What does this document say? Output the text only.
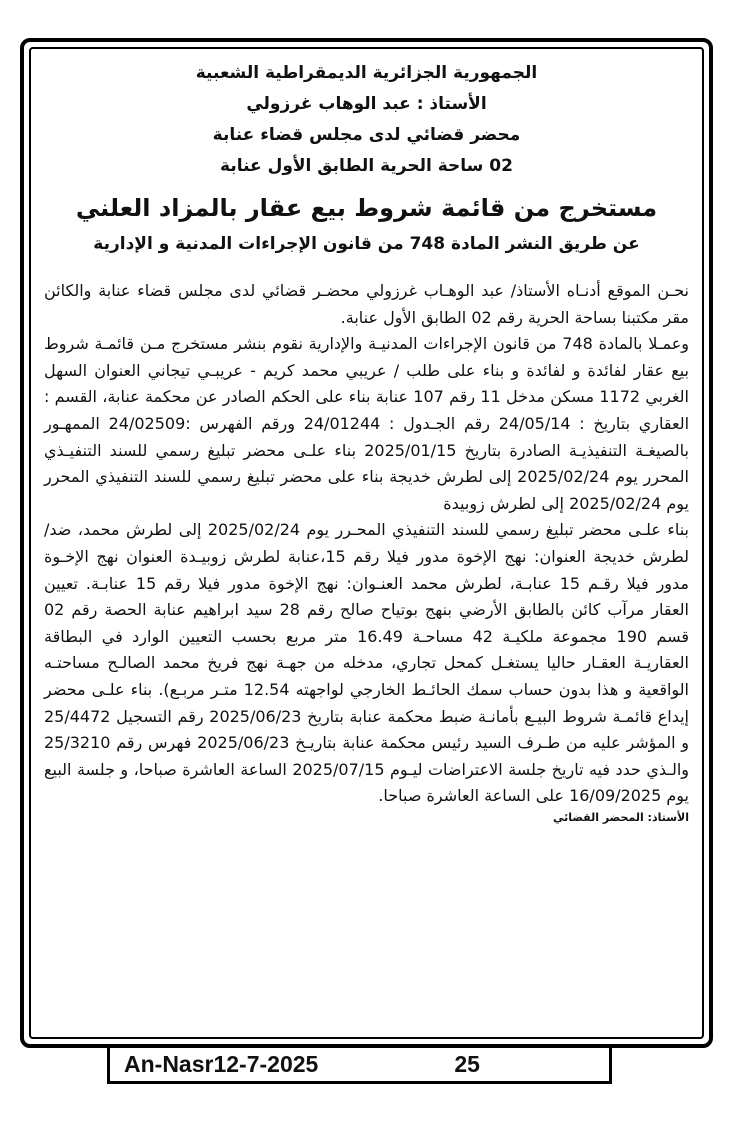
الجمهورية الجزائرية الديمقراطية الشعبية

الأستاذ : عبد الوهاب غرزولي

محضر قضائي لدى مجلس قضاء عنابة

02 ساحة الحرية الطابق الأول عنابة

مستخرج من قائمة شروط بيع عقار بالمزاد العلني

عن طريق النشر المادة 748 من قانون الإجراءات المدنية و الإدارية

نحـن الموقع أدنـاه الأستاذ/ عبد الوهـاب غرزولي محضـر قضائي لدى مجلس قضاء عنابة والكائن مقر مكتبنا بساحة الحرية رقم 02 الطابق الأول عنابة.

وعمـلا بالمادة 748 من قانون الإجراءات المدنيـة والإدارية نقوم بنشر مستخرج مـن قائمـة شروط بيع عقار لفائدة و لفائدة و بناء على طلب / عريبي محمد كريم - عريبـي تيجاني العنوان السهل الغربي 1172 مسكن مدخل 11 رقم 107 عنابة بناء على الحكم الصادر عن محكمة عنابة، القسم : العقاري بتاريخ : 24/05/14 رقم الجـدول : 24/01244 ورقم الفهرس :24/02509 الممهـور بالصيغـة التنفيذيـة الصادرة بتاريخ 2025/01/15 بناء علـى محضر تبليغ رسمي للسند التنفيـذي المحرر يوم 2025/02/24 إلى لطرش خديجة بناء على محضر تبليغ رسمي للسند التنفيذي المحرر يوم 2025/02/24 إلى لطرش زوبيدة

بناء علـى محضر تبليغ رسمي للسند التنفيذي المحـرر يوم 2025/02/24 إلى لطرش محمد، ضد/ لطرش خديجة العنوان: نهج الإخوة مدور فيلا رقم 15،عنابة لطرش زوبيـدة العنوان نهج الإخـوة مدور فيلا رقـم 15 عنابـة، لطرش محمد العنـوان: نهج الإخوة مدور فيلا رقم 15 عنابـة. تعيين العقار مرآب كائن بالطابق الأرضي بنهج بوتياح صالح رقم 28 سيد ابراهيم عنابة الحصة رقم 02 قسم 190 مجموعة ملكيـة 42 مساحـة 16.49 متر مربع بحسب التعيين الوارد في البطاقة العقاريـة العقـار حاليا يستغـل كمحل تجاري، مدخله من جهـة نهج فريخ محمد الصالـح مساحتـه الواقعية و هذا بدون حساب سمك الحائـط الخارجي لواجهته 12.54 متـر مربـع). بناء علـى محضر إيداع قائمـة شروط البيـع بأمانـة ضبط محكمة عنابة بتاريخ 2025/06/23 رقم التسجيل 25/4472 و المؤشر عليه من طـرف السيد رئيس محكمة عنابة بتاريـخ 2025/06/23 فهرس رقم 25/3210 والـذي حدد فيه تاريخ جلسة الاعتراضات ليـوم 2025/07/15 الساعة العاشرة صباحا، و جلسة البيع يوم 16/09/2025 على الساعة العاشرة صباحا.

الأستاذ: المحضر القضائي
An-Nasr12-7-2025	25
